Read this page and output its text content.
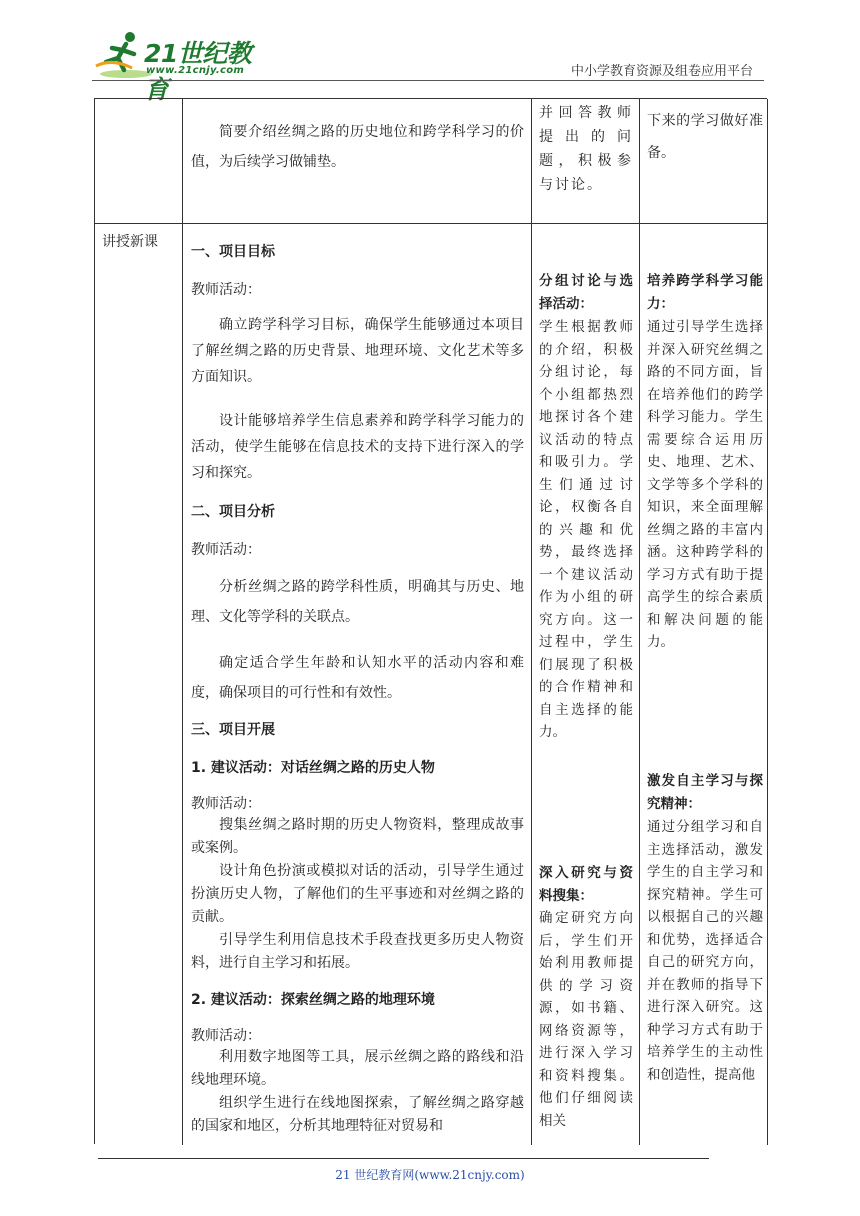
21世纪教育
www.21cnjy.com	中小学教育资源及组卷应用平台
简要介绍丝绸之路的历史地位和跨学科学习的价值，为后续学习做铺垫。
并回答教师提出的问题，积极参与讨论。
下来的学习做好准备。
讲授新课
一、项目目标
教师活动：
确立跨学科学习目标，确保学生能够通过本项目了解丝绸之路的历史背景、地理环境、文化艺术等多方面知识。
设计能够培养学生信息素养和跨学科学习能力的活动，使学生能够在信息技术的支持下进行深入的学习和探究。
二、项目分析
教师活动：
分析丝绸之路的跨学科性质，明确其与历史、地理、文化等学科的关联点。
确定适合学生年龄和认知水平的活动内容和难度，确保项目的可行性和有效性。
三、项目开展
1. 建议活动：对话丝绸之路的历史人物
教师活动：
搜集丝绸之路时期的历史人物资料，整理成故事或案例。
设计角色扮演或模拟对话的活动，引导学生通过扮演历史人物，了解他们的生平事迹和对丝绸之路的贡献。
引导学生利用信息技术手段查找更多历史人物资料，进行自主学习和拓展。
2. 建议活动：探索丝绸之路的地理环境
教师活动：
利用数字地图等工具，展示丝绸之路的路线和沿线地理环境。
组织学生进行在线地图探索，了解丝绸之路穿越的国家和地区，分析其地理特征对贸易和
分组讨论与选择活动：
学生根据教师的介绍，积极分组讨论，每个小组都热烈地探讨各个建议活动的特点和吸引力。学生们通过讨论，权衡各自的兴趣和优势，最终选择一个建议活动作为小组的研究方向。这一过程中，学生们展现了积极的合作精神和自主选择的能力。
深入研究与资料搜集：
确定研究方向后，学生们开始利用教师提供的学习资源，如书籍、网络资源等，进行深入学习和资料搜集。他们仔细阅读相关
培养跨学科学习能力：
通过引导学生选择并深入研究丝绸之路的不同方面，旨在培养他们的跨学科学习能力。学生需要综合运用历史、地理、艺术、文学等多个学科的知识，来全面理解丝绸之路的丰富内涵。这种跨学科的学习方式有助于提高学生的综合素质和解决问题的能力。
激发自主学习与探究精神：
通过分组学习和自主选择活动，激发学生的自主学习和探究精神。学生可以根据自己的兴趣和优势，选择适合自己的研究方向，并在教师的指导下进行深入研究。这种学习方式有助于培养学生的主动性和创造性，提高他
21 世纪教育网(www.21cnjy.com)
